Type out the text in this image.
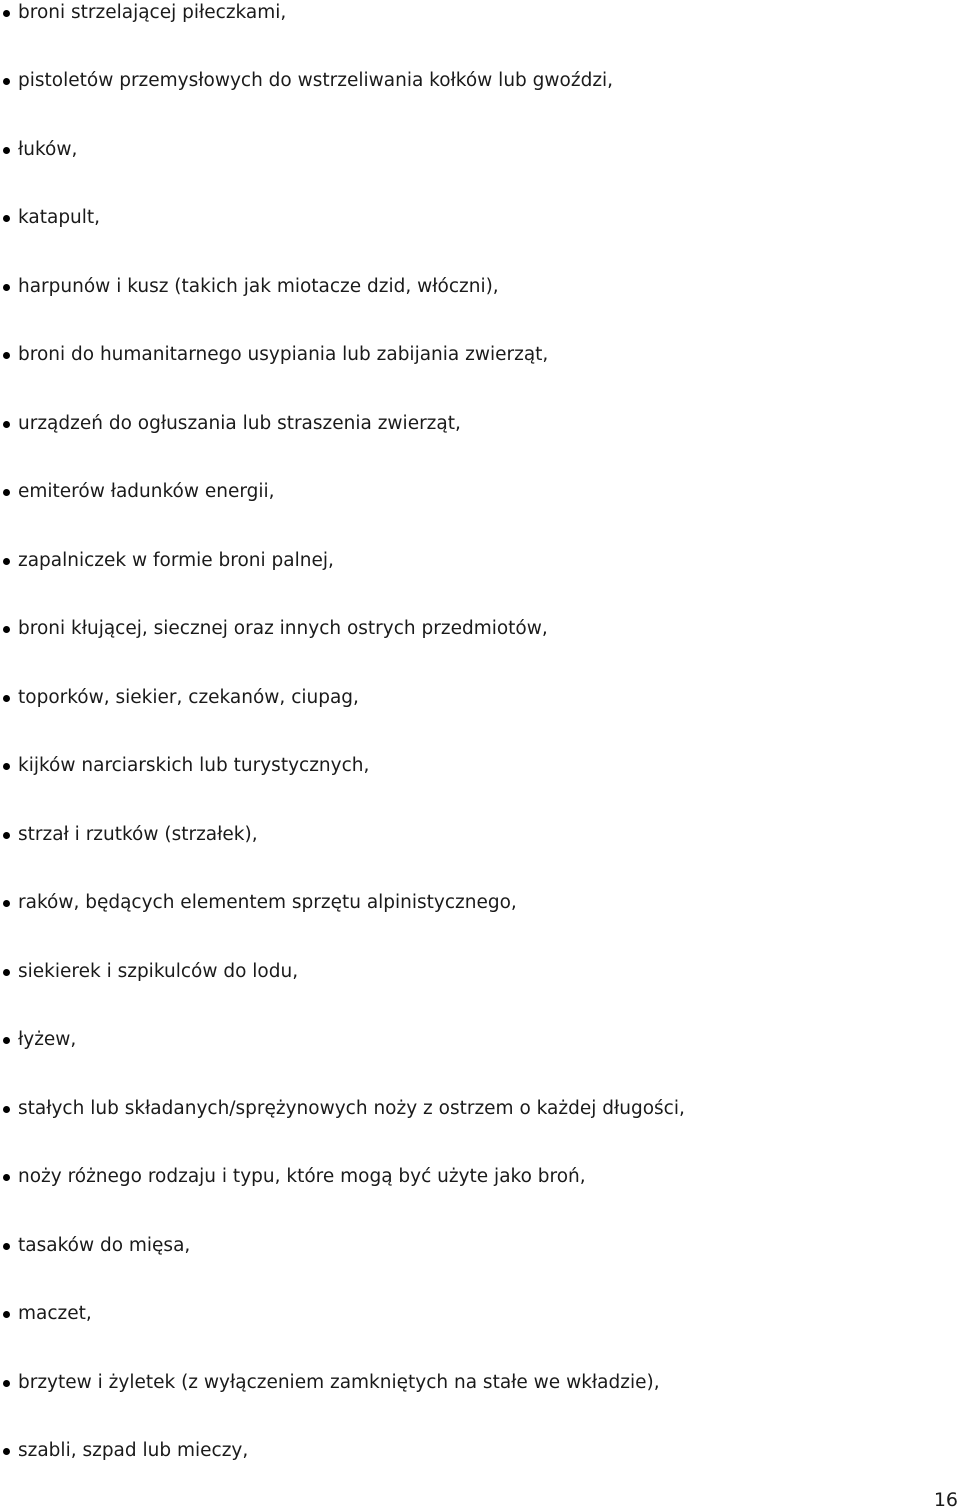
broni strzelającej piłeczkami,
pistoletów przemysłowych do wstrzeliwania kołków lub gwoździ,
łuków,
katapult,
harpunów i kusz (takich jak miotacze dzid, włóczni),
broni do humanitarnego usypiania lub zabijania zwierząt,
urządzeń do ogłuszania lub straszenia zwierząt,
emiterów ładunków energii,
zapalniczek w formie broni palnej,
broni kłującej, siecznej oraz innych ostrych przedmiotów,
toporków, siekier, czekanów, ciupag,
kijków narciarskich lub turystycznych,
strzał i rzutków (strzałek),
raków, będących elementem sprzętu alpinistycznego,
siekierek i szpikulców do lodu,
łyżew,
stałych lub składanych/sprężynowych noży z ostrzem o każdej długości,
noży różnego rodzaju i typu, które mogą być użyte jako broń,
tasaków do mięsa,
maczet,
brzytew i żyletek (z wyłączeniem zamkniętych na stałe we wkładzie),
szabli, szpad lub mieczy,
16
